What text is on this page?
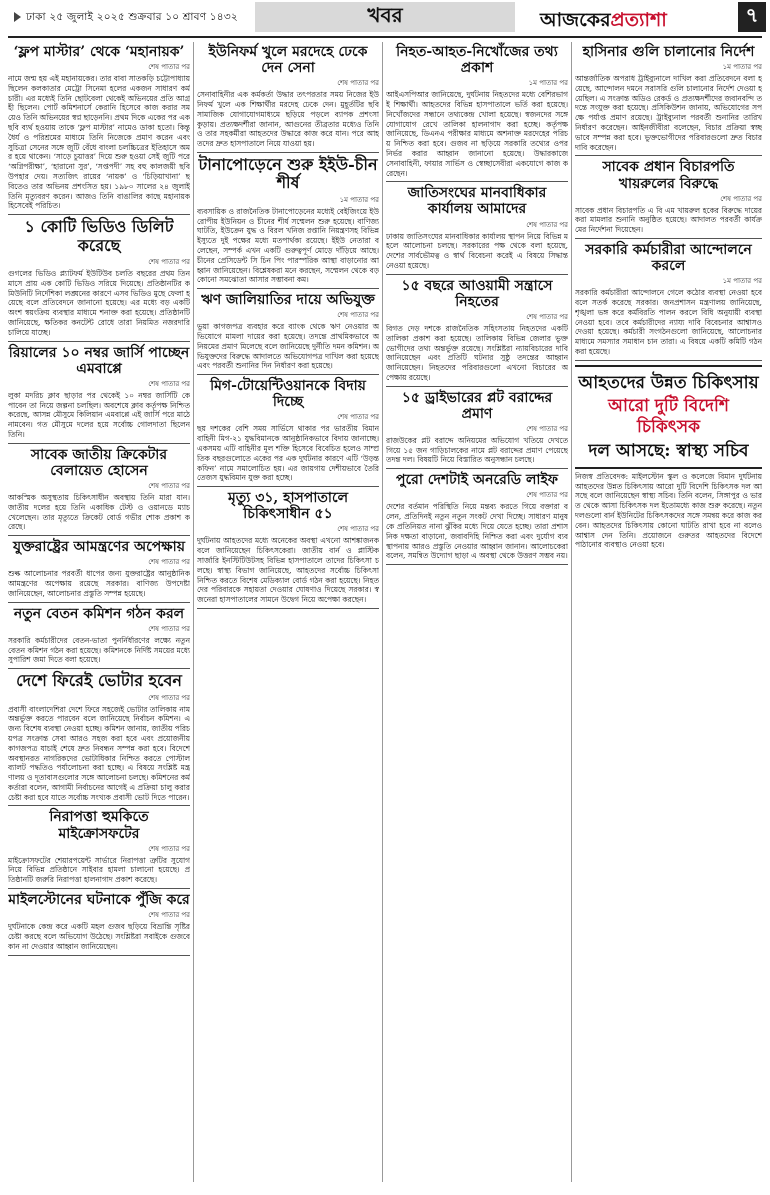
ঢাকা ২৫ জুলাই ২০২৫ শুক্রবার ১০ শ্রাবণ ১৪৩২	খবর	আজকেরপ্রত্যাশা	৭
‘ফ্লপ মাস্টার’ থেকে ‘মহানায়ক’
শেষ পাতার পর

নামে জন্ম হয় এই মহানায়কের। তার বাবা সাতকড়ি চট্টোপাধ্যায় ছিলেন কলকাতার মেট্রো সিনেমা হলের একজন সাধারণ কর্মচারী। এর মধ্যেই তিনি ছোটবেলা থেকেই অভিনয়ের প্রতি আগ্রহী ছিলেন। পোর্ট কমিশনার্সে কেরানি হিসেবে কাজ করার সময়েও তিনি অভিনয়ের স্বপ্ন ছাড়েননি। প্রথম দিকে একের পর এক ছবি ব্যর্থ হওয়ায় তাকে ‘ফ্লপ মাস্টার’ নামেও ডাকা হতো। কিন্তু ধৈর্য ও পরিশ্রমের মাধ্যমে তিনি নিজেকে প্রমাণ করেন এবং সুচিত্রা সেনের সঙ্গে জুটি বেঁধে বাংলা চলচ্চিত্রের ইতিহাসে অমর হয়ে থাকেন। ‘সাড়ে চুয়াত্তর’ দিয়ে শুরু হওয়া সেই জুটি পরে ‘অগ্নিপরীক্ষা’, ‘হারানো সুর’, ‘সপ্তপদী’ সহ বহু কালজয়ী ছবি উপহার দেয়। সত্যজিৎ রায়ের ‘নায়ক’ ও ‘চিড়িয়াখানা’ ছবিতেও তার অভিনয় প্রশংসিত হয়। ১৯৮০ সালের ২৪ জুলাই তিনি মৃত্যুবরণ করেন। আজও তিনি বাঙালির কাছে মহানায়ক হিসেবেই পরিচিত।

১ কোটি ভিডিও ডিলিট করেছে
শেষ পাতার পর

গুগলের ভিডিও প্ল্যাটফর্ম ইউটিউব চলতি বছরের প্রথম তিন মাসে প্রায় এক কোটি ভিডিও সরিয়ে দিয়েছে। প্রতিষ্ঠানটির কমিউনিটি নির্দেশিকা লঙ্ঘনের কারণে এসব ভিডিও মুছে ফেলা হয়েছে বলে প্রতিবেদনে জানানো হয়েছে। এর মধ্যে বড় একটি অংশ স্বয়ংক্রিয় ব্যবস্থার মাধ্যমে শনাক্ত করা হয়েছে। প্রতিষ্ঠানটি জানিয়েছে, ক্ষতিকর কনটেন্ট রোধে তারা নিয়মিত নজরদারি চালিয়ে যাচ্ছে।

রিয়ালের ১০ নম্বর জার্সি পাচ্ছেন এমবাপ্পে
শেষ পাতার পর

লুকা মদরিচ ক্লাব ছাড়ার পর থেকেই ১০ নম্বর জার্সিটি কে পাবেন তা নিয়ে জল্পনা চলছিল। অবশেষে ক্লাব কর্তৃপক্ষ নিশ্চিত করেছে, আসন্ন মৌসুমে কিলিয়ান এমবাপ্পে এই জার্সি পরে মাঠে নামবেন। গত মৌসুমে দলের হয়ে সর্বোচ্চ গোলদাতা ছিলেন তিনি।

সাবেক জাতীয় ক্রিকেটার বেলায়েত হোসেন
শেষ পাতার পর

আকস্মিক অসুস্থতায় চিকিৎসাধীন অবস্থায় তিনি মারা যান। জাতীয় দলের হয়ে তিনি একাধিক টেস্ট ও ওয়ানডে ম্যাচ খেলেছেন। তার মৃত্যুতে ক্রিকেট বোর্ড গভীর শোক প্রকাশ করেছে।

যুক্তরাষ্ট্রের আমন্ত্রণের অপেক্ষায়
শেষ পাতার পর

শুল্ক আলোচনার পরবর্তী ধাপের জন্য যুক্তরাষ্ট্রের আনুষ্ঠানিক আমন্ত্রণের অপেক্ষায় রয়েছে সরকার। বাণিজ্য উপদেষ্টা জানিয়েছেন, আলোচনার প্রস্তুতি সম্পন্ন হয়েছে।

নতুন বেতন কমিশন গঠন করল
শেষ পাতার পর

সরকারি কর্মচারীদের বেতন-ভাতা পুনর্নির্ধারণের লক্ষ্যে নতুন বেতন কমিশন গঠন করা হয়েছে। কমিশনকে নির্দিষ্ট সময়ের মধ্যে সুপারিশ জমা দিতে বলা হয়েছে।

দেশে ফিরেই ভোটার হবেন
শেষ পাতার পর

প্রবাসী বাংলাদেশিরা দেশে ফিরে সহজেই ভোটার তালিকায় নাম অন্তর্ভুক্ত করতে পারবেন বলে জানিয়েছে নির্বাচন কমিশন। এ জন্য বিশেষ ব্যবস্থা নেওয়া হচ্ছে। কমিশন জানায়, জাতীয় পরিচয়পত্র সংক্রান্ত সেবা আরও সহজ করা হবে এবং প্রয়োজনীয় কাগজপত্র যাচাই শেষে দ্রুত নিবন্ধন সম্পন্ন করা হবে। বিদেশে অবস্থানরত নাগরিকদের ভোটাধিকার নিশ্চিত করতে পোস্টাল ব্যালট পদ্ধতিও পর্যালোচনা করা হচ্ছে। এ বিষয়ে সংশ্লিষ্ট মন্ত্রণালয় ও দূতাবাসগুলোর সঙ্গে আলোচনা চলছে। কমিশনের কর্মকর্তারা বলেন, আগামী নির্বাচনের আগেই এ প্রক্রিয়া চালু করার চেষ্টা করা হবে যাতে সর্বোচ্চ সংখ্যক প্রবাসী ভোট দিতে পারেন।

নিরাপত্তা হুমকিতে মাইক্রোসফটের
শেষ পাতার পর

মাইক্রোসফটের শেয়ারপয়েন্ট সার্ভারে নিরাপত্তা ত্রুটির সুযোগ নিয়ে বিভিন্ন প্রতিষ্ঠানে সাইবার হামলা চালানো হয়েছে। প্রতিষ্ঠানটি জরুরি নিরাপত্তা হালনাগাদ প্রকাশ করেছে।

মাইলস্টোনের ঘটনাকে পুঁজি করে
শেষ পাতার পর

দুর্ঘটনাকে কেন্দ্র করে একটি মহল গুজব ছড়িয়ে বিভ্রান্তি সৃষ্টির চেষ্টা করছে বলে অভিযোগ উঠেছে। সংশ্লিষ্টরা সবাইকে গুজবে কান না দেওয়ার আহ্বান জানিয়েছেন।

ইউনিফর্ম খুলে মরদেহে ঢেকে দেন সেনা
শেষ পাতার পর

সেনাবাহিনীর এক কর্মকর্তা উদ্ধার তৎপরতার সময় নিজের ইউনিফর্ম খুলে এক শিক্ষার্থীর মরদেহ ঢেকে দেন। মুহূর্তটির ছবি সামাজিক যোগাযোগমাধ্যমে ছড়িয়ে পড়লে ব্যাপক প্রশংসা কুড়ায়। প্রত্যক্ষদর্শীরা জানান, আগুনের তীব্রতার মধ্যেও তিনি ও তার সহকর্মীরা আহতদের উদ্ধারে কাজ করে যান। পরে আহতদের দ্রুত হাসপাতালে নিয়ে যাওয়া হয়।

টানাপোড়েনে শুরু ইইউ-চীন শীর্ষ
১ম পাতার পর

ব্যবসায়িক ও রাজনৈতিক টানাপোড়েনের মধ্যেই বেইজিংয়ে ইউরোপীয় ইউনিয়ন ও চীনের শীর্ষ সম্মেলন শুরু হয়েছে। বাণিজ্য ঘাটতি, ইউক্রেন যুদ্ধ ও বিরল খনিজ রপ্তানি নিয়ন্ত্রণসহ বিভিন্ন ইস্যুতে দুই পক্ষের মধ্যে মতপার্থক্য রয়েছে। ইইউ নেতারা বলেছেন, সম্পর্ক এখন একটি গুরুত্বপূর্ণ মোড়ে দাঁড়িয়ে আছে। চীনের প্রেসিডেন্ট সি চিন পিং পারস্পরিক আস্থা বাড়ানোর আহ্বান জানিয়েছেন। বিশ্লেষকরা মনে করছেন, সম্মেলন থেকে বড় কোনো সমঝোতা আসার সম্ভাবনা কম।

ঋণ জালিয়াতির দায়ে অভিযুক্ত
শেষ পাতার পর

ভুয়া কাগজপত্র ব্যবহার করে ব্যাংক থেকে ঋণ নেওয়ার অভিযোগে মামলা দায়ের করা হয়েছে। তদন্তে প্রাথমিকভাবে অনিয়মের প্রমাণ মিলেছে বলে জানিয়েছে দুর্নীতি দমন কমিশন। অভিযুক্তদের বিরুদ্ধে আদালতে অভিযোগপত্র দাখিল করা হয়েছে এবং পরবর্তী শুনানির দিন নির্ধারণ করা হয়েছে।

মিগ-টোয়েন্টিওয়ানকে বিদায় দিচ্ছে
শেষ পাতার পর

ছয় দশকের বেশি সময় সার্ভিসে থাকার পর ভারতীয় বিমানবাহিনী মিগ-২১ যুদ্ধবিমানকে আনুষ্ঠানিকভাবে বিদায় জানাচ্ছে। একসময় এটি বাহিনীর মূল শক্তি হিসেবে বিবেচিত হলেও সাম্প্রতিক বছরগুলোতে একের পর এক দুর্ঘটনার কারণে এটি ‘উড়ন্ত কফিন’ নামে সমালোচিত হয়। এর জায়গায় দেশীয়ভাবে তৈরি তেজস যুদ্ধবিমান যুক্ত করা হচ্ছে।

মৃত্যু ৩১, হাসপাতালে চিকিৎসাধীন ৫১
শেষ পাতার পর

দুর্ঘটনায় আহতদের মধ্যে অনেকের অবস্থা এখনো আশঙ্কাজনক বলে জানিয়েছেন চিকিৎসকেরা। জাতীয় বার্ন ও প্লাস্টিক সার্জারি ইনস্টিটিউটসহ বিভিন্ন হাসপাতালে তাদের চিকিৎসা চলছে। স্বাস্থ্য বিভাগ জানিয়েছে, আহতদের সর্বোচ্চ চিকিৎসা নিশ্চিত করতে বিশেষ মেডিক্যাল বোর্ড গঠন করা হয়েছে। নিহতদের পরিবারকে সহায়তা দেওয়ার ঘোষণাও দিয়েছে সরকার। স্বজনেরা হাসপাতালের সামনে উদ্বেগ নিয়ে অপেক্ষা করছেন।

নিহত-আহত-নিখোঁজের তথ্য প্রকাশ
১ম পাতার পর

আইএসপিআর জানিয়েছে, দুর্ঘটনায় নিহতদের মধ্যে বেশিরভাগই শিক্ষার্থী। আহতদের বিভিন্ন হাসপাতালে ভর্তি করা হয়েছে। নিখোঁজদের সন্ধানে তথ্যকেন্দ্র খোলা হয়েছে। স্বজনদের সঙ্গে যোগাযোগ রেখে তালিকা হালনাগাদ করা হচ্ছে। কর্তৃপক্ষ জানিয়েছে, ডিএনএ পরীক্ষার মাধ্যমে অশনাক্ত মরদেহের পরিচয় নিশ্চিত করা হবে। গুজব না ছড়িয়ে সরকারি তথ্যের ওপর নির্ভর করার আহ্বান জানানো হয়েছে। উদ্ধারকাজে সেনাবাহিনী, ফায়ার সার্ভিস ও স্বেচ্ছাসেবীরা একযোগে কাজ করেছেন।

জাতিসংঘের মানবাধিকার কার্যালয় আমাদের
শেষ পাতার পর

ঢাকায় জাতিসংঘের মানবাধিকার কার্যালয় স্থাপন নিয়ে বিভিন্ন মহলে আলোচনা চলছে। সরকারের পক্ষ থেকে বলা হয়েছে, দেশের সার্বভৌমত্ব ও স্বার্থ বিবেচনা করেই এ বিষয়ে সিদ্ধান্ত নেওয়া হয়েছে।

১৫ বছরে আওয়ামী সন্ত্রাসে নিহতের
শেষ পাতার পর

বিগত দেড় দশকে রাজনৈতিক সহিংসতায় নিহতদের একটি তালিকা প্রকাশ করা হয়েছে। তালিকায় বিভিন্ন জেলার ভুক্তভোগীদের তথ্য অন্তর্ভুক্ত রয়েছে। সংশ্লিষ্টরা ন্যায়বিচারের দাবি জানিয়েছেন এবং প্রতিটি ঘটনার সুষ্ঠু তদন্তের আহ্বান জানিয়েছেন। নিহতদের পরিবারগুলো এখনো বিচারের অপেক্ষায় রয়েছে।

১৫ ড্রাইভারের প্লট বরাদ্দের প্রমাণ
শেষ পাতার পর

রাজউকের প্লট বরাদ্দে অনিয়মের অভিযোগ খতিয়ে দেখতে গিয়ে ১৫ জন গাড়িচালকের নামে প্লট বরাদ্দের প্রমাণ পেয়েছে তদন্ত দল। বিষয়টি নিয়ে বিস্তারিত অনুসন্ধান চলছে।

পুরো দেশটাই অনরেডি লাইফ
শেষ পাতার পর

দেশের বর্তমান পরিস্থিতি নিয়ে মন্তব্য করতে গিয়ে বক্তারা বলেন, প্রতিদিনই নতুন নতুন সংকট দেখা দিচ্ছে। সাধারণ মানুষকে প্রতিনিয়ত নানা ঝুঁকির মধ্যে দিয়ে যেতে হচ্ছে। তারা প্রশাসনিক দক্ষতা বাড়ানো, জবাবদিহি নিশ্চিত করা এবং দুর্যোগ ব্যবস্থাপনায় আরও প্রস্তুতি নেওয়ার আহ্বান জানান। আলোচকেরা বলেন, সমন্বিত উদ্যোগ ছাড়া এ অবস্থা থেকে উত্তরণ সম্ভব নয়।

হাসিনার গুলি চালানোর নির্দেশ
১ম পাতার পর

আন্তর্জাতিক অপরাধ ট্রাইব্যুনালে দাখিল করা প্রতিবেদনে বলা হয়েছে, আন্দোলন দমনে সরাসরি গুলি চালানোর নির্দেশ দেওয়া হয়েছিল। এ সংক্রান্ত অডিও রেকর্ড ও প্রত্যক্ষদর্শীদের জবানবন্দি তদন্তে সংযুক্ত করা হয়েছে। প্রসিকিউশন জানায়, অভিযোগের সপক্ষে পর্যাপ্ত প্রমাণ রয়েছে। ট্রাইব্যুনাল পরবর্তী শুনানির তারিখ নির্ধারণ করেছেন। আইনজীবীরা বলেছেন, বিচার প্রক্রিয়া স্বচ্ছভাবে সম্পন্ন করা হবে। ভুক্তভোগীদের পরিবারগুলো দ্রুত বিচার দাবি করেছেন।

সাবেক প্রধান বিচারপতি খায়রুলের বিরুদ্ধে
শেষ পাতার পর

সাবেক প্রধান বিচারপতি এ বি এম খায়রুল হকের বিরুদ্ধে দায়ের করা মামলার শুনানি অনুষ্ঠিত হয়েছে। আদালত পরবর্তী কার্যক্রমের নির্দেশনা দিয়েছেন।

সরকারি কর্মচারীরা আন্দোলনে করলে
১ম পাতার পর

সরকারি কর্মচারীরা আন্দোলনে গেলে কঠোর ব্যবস্থা নেওয়া হবে বলে সতর্ক করেছে সরকার। জনপ্রশাসন মন্ত্রণালয় জানিয়েছে, শৃঙ্খলা ভঙ্গ করে কর্মবিরতি পালন করলে বিধি অনুযায়ী ব্যবস্থা নেওয়া হবে। তবে কর্মচারীদের ন্যায্য দাবি বিবেচনার আশ্বাসও দেওয়া হয়েছে। কর্মচারী সংগঠনগুলো জানিয়েছে, আলোচনার মাধ্যমে সমস্যার সমাধান চান তারা। এ বিষয়ে একটি কমিটি গঠন করা হয়েছে।

আহতদের উন্নত চিকিৎসায়
আরো দুটি বিদেশি চিকিৎসক
দল আসছে: স্বাস্থ্য সচিব

নিজস্ব প্রতিবেদক: মাইলস্টোন স্কুল ও কলেজে বিমান দুর্ঘটনায় আহতদের উন্নত চিকিৎসায় আরো দুটি বিদেশি চিকিৎসক দল আসছে বলে জানিয়েছেন স্বাস্থ্য সচিব। তিনি বলেন, সিঙ্গাপুর ও ভারত থেকে আসা চিকিৎসক দল ইতোমধ্যে কাজ শুরু করেছে। নতুন দলগুলো বার্ন ইউনিটের চিকিৎসকদের সঙ্গে সমন্বয় করে কাজ করবেন। আহতদের চিকিৎসায় কোনো ঘাটতি রাখা হবে না বলেও আশ্বাস দেন তিনি। প্রয়োজনে গুরুতর আহতদের বিদেশে পাঠানোর ব্যবস্থাও নেওয়া হবে।
